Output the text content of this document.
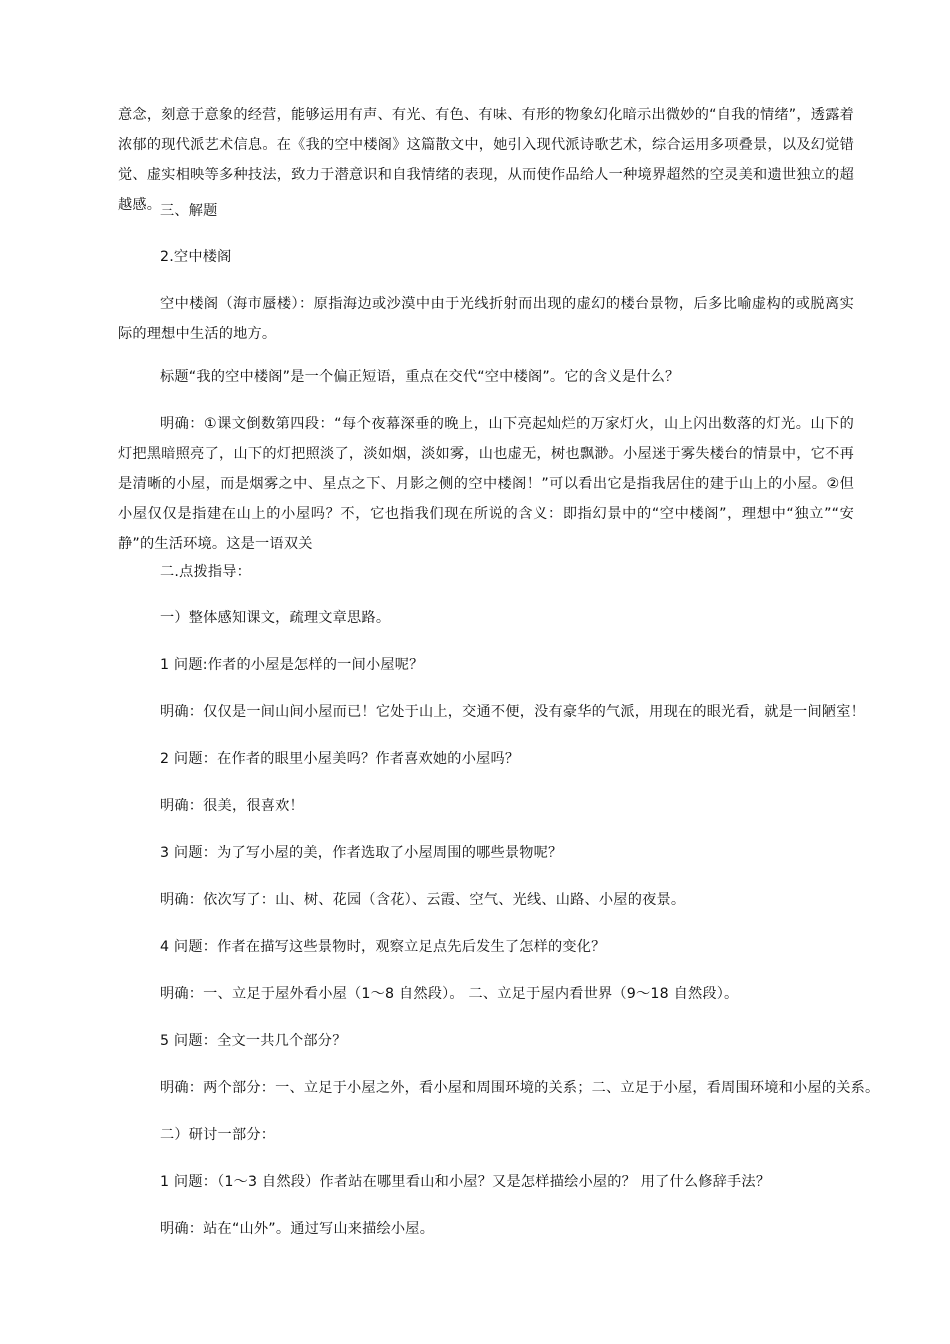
意念，刻意于意象的经营，能够运用有声、有光、有色、有味、有形的物象幻化暗示出微妙的“自我的情绪”，透露着浓郁的现代派艺术信息。在《我的空中楼阁》这篇散文中，她引入现代派诗歌艺术，综合运用多项叠景，以及幻觉错觉、虚实相映等多种技法，致力于潜意识和自我情绪的表现，从而使作品给人一种境界超然的空灵美和遗世独立的超越感。
三、解题
2.空中楼阁
空中楼阁（海市蜃楼）：原指海边或沙漠中由于光线折射而出现的虚幻的楼台景物，后多比喻虚构的或脱离实际的理想中生活的地方。
标题“我的空中楼阁”是一个偏正短语，重点在交代“空中楼阁”。它的含义是什么？
明确：①课文倒数第四段：“每个夜幕深垂的晚上，山下亮起灿烂的万家灯火，山上闪出数落的灯光。山下的灯把黑暗照亮了，山下的灯把照淡了，淡如烟，淡如雾，山也虚无，树也飘渺。小屋迷于雾失楼台的情景中，它不再是清晰的小屋，而是烟雾之中、星点之下、月影之侧的空中楼阁！”可以看出它是指我居住的建于山上的小屋。②但小屋仅仅是指建在山上的小屋吗？不，它也指我们现在所说的含义：即指幻景中的“空中楼阁”，理想中“独立”“安静”的生活环境。这是一语双关
二.点拨指导：
一）整体感知课文，疏理文章思路。
1 问题:作者的小屋是怎样的一间小屋呢？
明确：仅仅是一间山间小屋而已！它处于山上，交通不便，没有豪华的气派，用现在的眼光看，就是一间陋室！
2 问题：在作者的眼里小屋美吗？作者喜欢她的小屋吗？
明确：很美，很喜欢！
3 问题：为了写小屋的美，作者选取了小屋周围的哪些景物呢？
明确：依次写了：山、树、花园（含花）、云霞、空气、光线、山路、小屋的夜景。
4 问题：作者在描写这些景物时，观察立足点先后发生了怎样的变化？
明确：一、立足于屋外看小屋（1～8 自然段）。 二、立足于屋内看世界（9～18 自然段）。
5 问题：全文一共几个部分？
明确：两个部分：一、立足于小屋之外，看小屋和周围环境的关系；二、立足于小屋，看周围环境和小屋的关系。
二）研讨一部分：
1 问题：（1～3 自然段）作者站在哪里看山和小屋？又是怎样描绘小屋的？ 用了什么修辞手法？
明确：站在“山外”。通过写山来描绘小屋。
